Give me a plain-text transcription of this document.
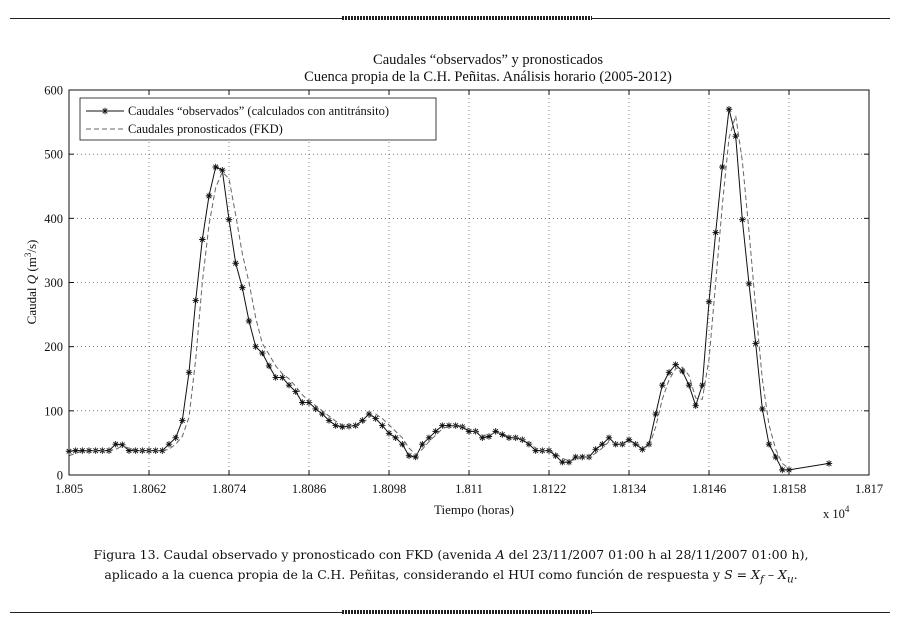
Caudales “observados” y pronosticados
Cuenca propia de la C.H. Peñitas. Análisis horario (2005-2012)
1.805	1.8062	1.8074	1.8086	1.8098	1.811	1.8122	1.8134	1.8146	1.8158	1.817
0
100
200
300
400
500
600
Caudales “observados” (calculados con antitránsito)
Caudales pronosticados (FKD)
Tiempo (horas)	x $10^4$
Caudal Q $(m^3/s)$
Figura 13. Caudal observado y pronosticado con FKD (avenida A del 23/11/2007 01:00 h al 28/11/2007 01:00 h),
aplicado a la cuenca propia de la C.H. Peñitas, considerando el HUI como función de respuesta y $S = X_f - X_u$.
